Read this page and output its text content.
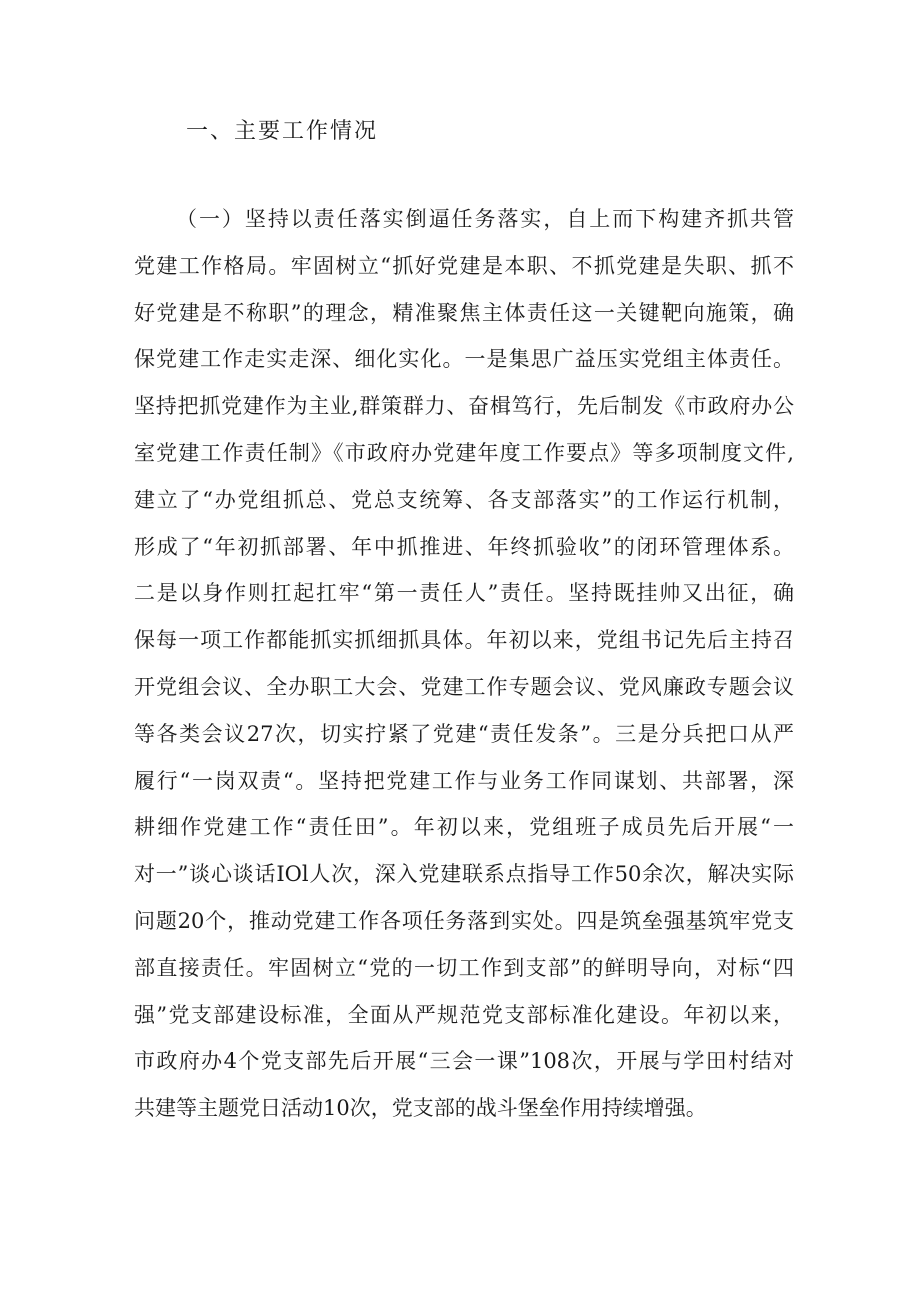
一、主要工作情况
（一）坚持以责任落实倒逼任务落实，自上而下构建齐抓共管
党建工作格局。牢固树立“抓好党建是本职、不抓党建是失职、抓不
好党建是不称职”的理念，精准聚焦主体责任这一关键靶向施策，确
保党建工作走实走深、细化实化。一是集思广益压实党组主体责任。
坚持把抓党建作为主业,群策群力、奋楫笃行，先后制发《市政府办公
室党建工作责任制》《市政府办党建年度工作要点》等多项制度文件,
建立了“办党组抓总、党总支统筹、各支部落实”的工作运行机制，
形成了“年初抓部署、年中抓推进、年终抓验收”的闭环管理体系。
二是以身作则扛起扛牢“第一责任人”责任。坚持既挂帅又出征，确
保每一项工作都能抓实抓细抓具体。年初以来，党组书记先后主持召
开党组会议、全办职工大会、党建工作专题会议、党风廉政专题会议
等各类会议27次，切实拧紧了党建“责任发条”。三是分兵把口从严
履行“一岗双责“。坚持把党建工作与业务工作同谋划、共部署，深
耕细作党建工作“责任田”。年初以来，党组班子成员先后开展“一
对一”谈心谈话IOl人次，深入党建联系点指导工作50余次，解决实际
问题20个，推动党建工作各项任务落到实处。四是筑垒强基筑牢党支
部直接责任。牢固树立“党的一切工作到支部”的鲜明导向，对标“四
强”党支部建设标准，全面从严规范党支部标准化建设。年初以来，
市政府办4个党支部先后开展“三会一课”108次，开展与学田村结对
共建等主题党日活动10次，党支部的战斗堡垒作用持续增强。
